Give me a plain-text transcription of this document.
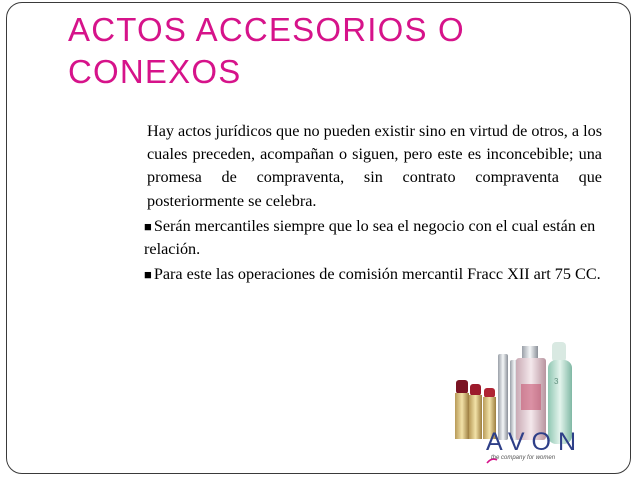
ACTOS ACCESORIOS O CONEXOS

Hay actos jurídicos que no pueden existir sino en virtud de otros, a los cuales preceden, acompañan o siguen, pero este es inconcebible; una promesa de compraventa, sin contrato compraventa que posteriormente se celebra.

■ Serán mercantiles siempre que lo sea el negocio con el cual están en relación.

■ Para este las operaciones de comisión mercantil Fracc XII art 75 CC.

3
AVON
the company for women
